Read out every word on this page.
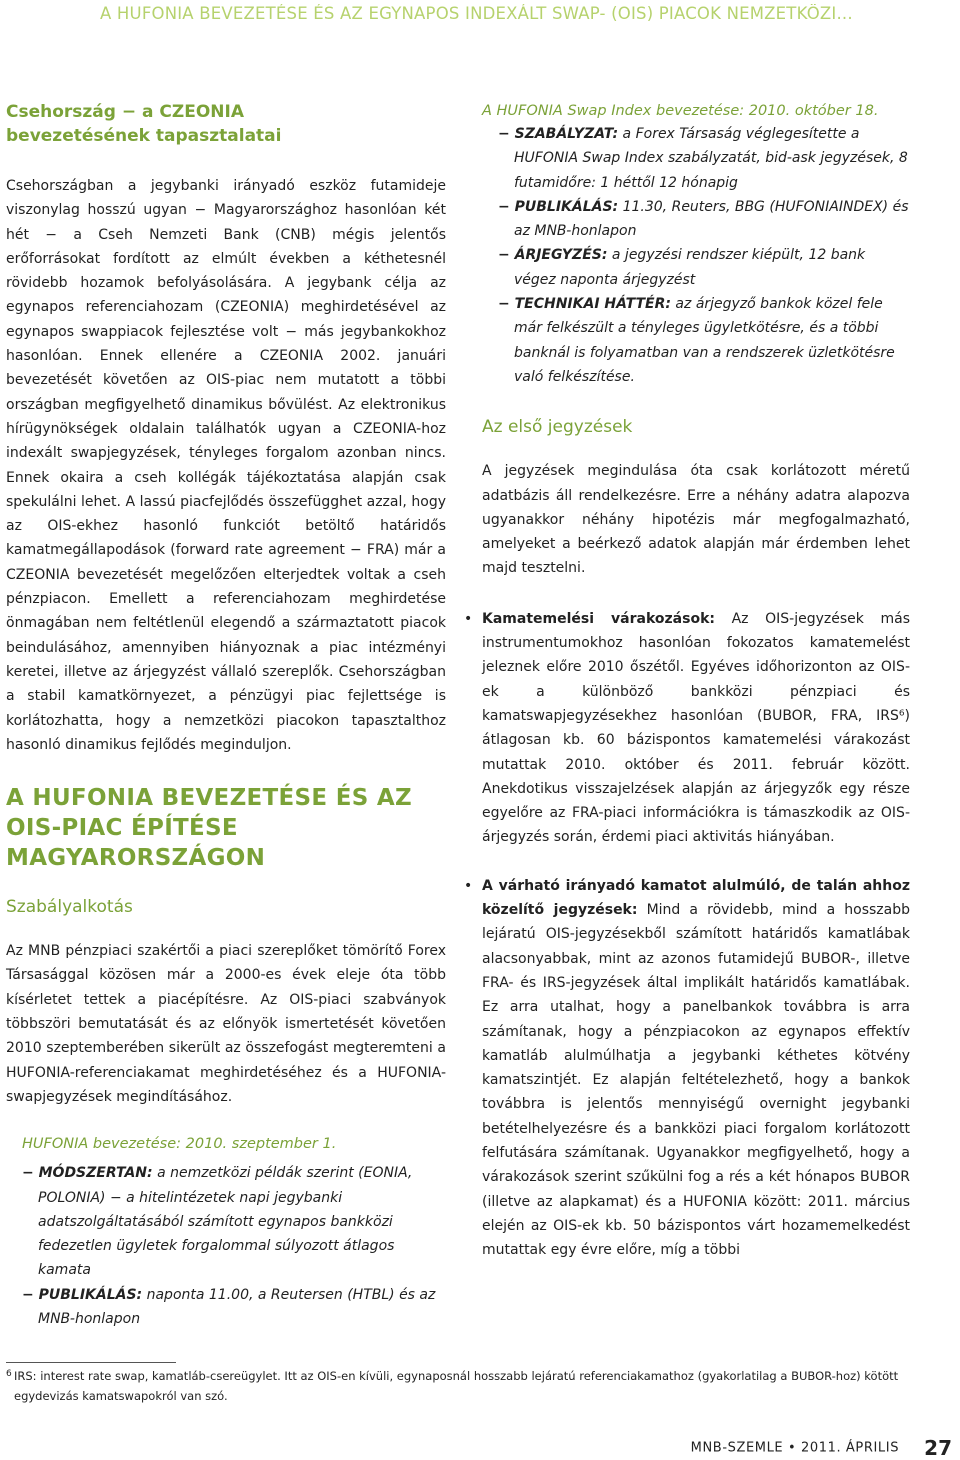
A HUFONIA BEVEZETÉSE ÉS AZ EGYNAPOS INDEXÁLT SWAP- (OIS) PIACOK NEMZETKÖZI...
Csehország − a CZEONIA bevezetésének tapasztalatai

Csehországban a jegybanki irányadó eszköz futamideje viszonylag hosszú ugyan − Magyarországhoz hasonlóan két hét − a Cseh Nemzeti Bank (CNB) mégis jelentős erőforrásokat fordított az elmúlt években a kéthetesnél rövidebb hozamok befolyásolására. A jegybank célja az egynapos referenciahozam (CZEONIA) meghirdetésével az egynapos swappiacok fejlesztése volt − más jegybankokhoz hasonlóan. Ennek ellenére a CZEONIA 2002. januári bevezetését követően az OIS-piac nem mutatott a többi országban megfigyelhető dinamikus bővülést. Az elektronikus hírügynökségek oldalain találhatók ugyan a CZEONIA-hoz indexált swapjegyzések, tényleges forgalom azonban nincs. Ennek okaira a cseh kollégák tájékoztatása alapján csak spekulálni lehet. A lassú piacfejlődés összefügghet azzal, hogy az OIS-ekhez hasonló funkciót betöltő határidős kamatmegállapodások (forward rate agreement − FRA) már a CZEONIA bevezetését megelőzően elterjedtek voltak a cseh pénzpiacon. Emellett a referenciahozam meghirdetése önmagában nem feltétlenül elegendő a származtatott piacok beindulásához, amennyiben hiányoznak a piac intézményi keretei, illetve az árjegyzést vállaló szereplők. Csehországban a stabil kamatkörnyezet, a pénzügyi piac fejlettsége is korlátozhatta, hogy a nemzetközi piacokon tapasztalthoz hasonló dinamikus fejlődés meginduljon.

A HUFONIA BEVEZETÉSE ÉS AZ
OIS-PIAC ÉPÍTÉSE MAGYARORSZÁGON
Szabályalkotás

Az MNB pénzpiaci szakértői a piaci szereplőket tömörítő Forex Társasággal közösen már a 2000-es évek eleje óta több kísérletet tettek a piacépítésre. Az OIS-piaci szabványok többszöri bemutatását és az előnyök ismertetését követően 2010 szeptemberében sikerült az összefogást megteremteni a HUFONIA-referenciakamat meghirdetéséhez és a HUFONIA-swapjegyzések megindításához.

HUFONIA bevezetése: 2010. szeptember 1.
− MÓDSZERTAN: a nemzetközi példák szerint (EONIA, POLONIA) − a hitelintézetek napi jegybanki adatszolgáltatásából számított egynapos bankközi fedezetlen ügyletek forgalommal súlyozott átlagos kamata
− PUBLIKÁLÁS: naponta 11.00, a Reutersen (HTBL) és az MNB-honlapon
A HUFONIA Swap Index bevezetése: 2010. október 18.
− SZABÁLYZAT: a Forex Társaság véglegesítette a HUFONIA Swap Index szabályzatát, bid-ask jegyzések, 8 futamidőre: 1 héttől 12 hónapig
− PUBLIKÁLÁS: 11.30, Reuters, BBG (HUFONIAINDEX) és az MNB-honlapon
− ÁRJEGYZÉS: a jegyzési rendszer kiépült, 12 bank végez naponta árjegyzést
− TECHNIKAI HÁTTÉR: az árjegyző bankok közel fele már felkészült a tényleges ügyletkötésre, és a többi banknál is folyamatban van a rendszerek üzletkötésre való felkészítése.
Az első jegyzések

A jegyzések megindulása óta csak korlátozott méretű adatbázis áll rendelkezésre. Erre a néhány adatra alapozva ugyanakkor néhány hipotézis már megfogalmazható, amelyeket a beérkező adatok alapján már érdemben lehet majd tesztelni.

• Kamatemelési várakozások: Az OIS-jegyzések más instrumentumokhoz hasonlóan fokozatos kamatemelést jeleznek előre 2010 őszétől. Egyéves időhorizonton az OIS-ek a különböző bankközi pénzpiaci és kamatswapjegyzésekhez hasonlóan (BUBOR, FRA, IRS⁶) átlagosan kb. 60 bázispontos kamatemelési várakozást mutattak 2010. október és 2011. február között. Anekdotikus visszajelzések alapján az árjegyzők egy része egyelőre az FRA-piaci információkra is támaszkodik az OIS-árjegyzés során, érdemi piaci aktivitás hiányában.
• A várható irányadó kamatot alulmúló, de talán ahhoz közelítő jegyzések: Mind a rövidebb, mind a hosszabb lejáratú OIS-jegyzésekből számított határidős kamatlábak alacsonyabbak, mint az azonos futamidejű BUBOR-, illetve FRA- és IRS-jegyzések által implikált határidős kamatlábak. Ez arra utalhat, hogy a panelbankok továbbra is arra számítanak, hogy a pénzpiacokon az egynapos effektív kamatláb alulmúlhatja a jegybanki kéthetes kötvény kamatszintjét. Ez alapján feltételezhető, hogy a bankok továbbra is jelentős mennyiségű overnight jegybanki betételhelyezésre és a bankközi piaci forgalom korlátozott felfutására számítanak. Ugyanakkor megfigyelhető, hogy a várakozások szerint szűkülni fog a rés a két hónapos BUBOR (illetve az alapkamat) és a HUFONIA között: 2011. március elején az OIS-ek kb. 50 bázispontos várt hozamemelkedést mutattak egy évre előre, míg a többi
6 IRS: interest rate swap, kamatláb-csereügylet. Itt az OIS-en kívüli, egynaposnál hosszabb lejáratú referenciakamathoz (gyakorlatilag a BUBOR-hoz) kötött egydevizás kamatswapokról van szó.
MNB-SZEMLE • 2011. ÁPRILIS 27
